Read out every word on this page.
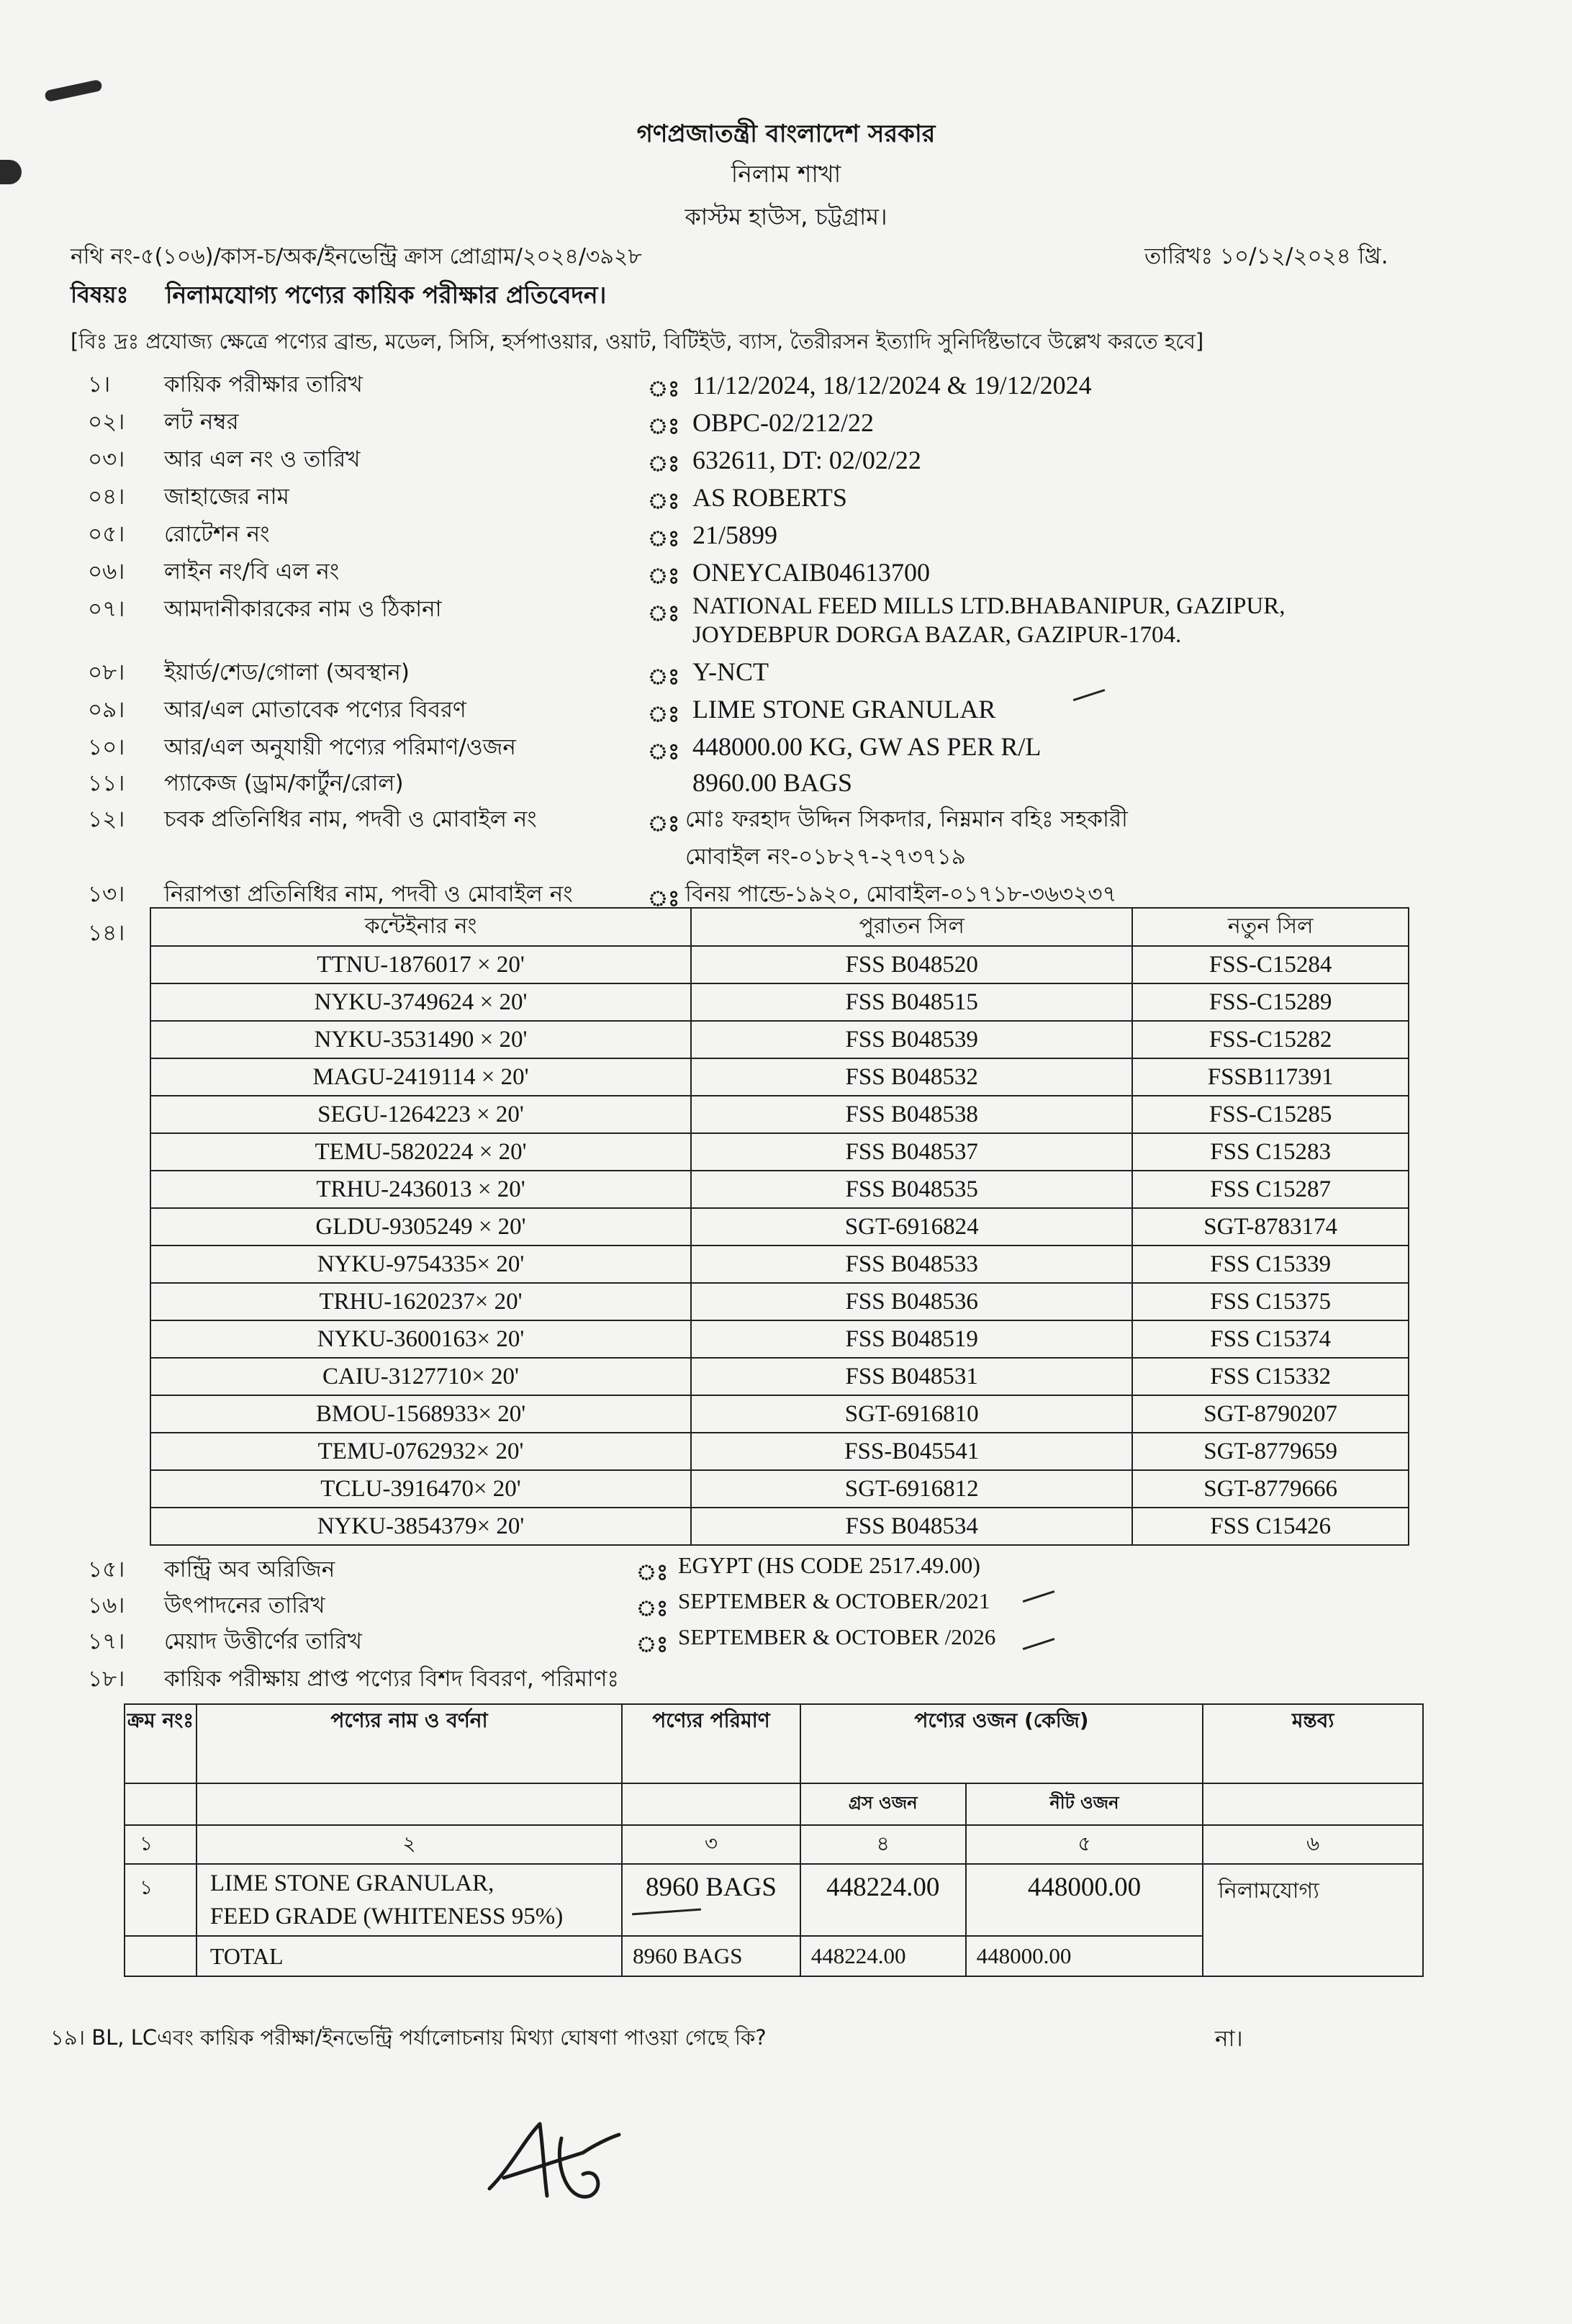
গণপ্রজাতন্ত্রী বাংলাদেশ সরকার
নিলাম শাখা
কাস্টম হাউস, চট্টগ্রাম।
নথি নং-৫(১০৬)/কাস-চ/অক/ইনভেন্ট্রি ক্রাস প্রোগ্রাম/২০২৪/৩৯২৮	তারিখঃ ১০/১২/২০২৪ খ্রি.
বিষয়ঃ নিলামযোগ্য পণ্যের কায়িক পরীক্ষার প্রতিবেদন।
[বিঃ দ্রঃ প্রযোজ্য ক্ষেত্রে পণ্যের ব্রান্ড, মডেল, সিসি, হর্সপাওয়ার, ওয়াট, বিটিইউ, ব্যাস, তৈরীরসন ইত্যাদি সুনির্দিষ্টভাবে উল্লেখ করতে হবে]
১। কায়িক পরীক্ষার তারিখ	ঃ 11/12/2024, 18/12/2024 & 19/12/2024
০২। লট নম্বর	ঃ OBPC-02/212/22
০৩। আর এল নং ও তারিখ	ঃ 632611, DT: 02/02/22
০৪। জাহাজের নাম	ঃ AS ROBERTS
০৫। রোটেশন নং	ঃ 21/5899
০৬। লাইন নং/বি এল নং	ঃ ONEYCAIB04613700
০৭। আমদানীকারকের নাম ও ঠিকানা	ঃ NATIONAL FEED MILLS LTD.BHABANIPUR, GAZIPUR,
JOYDEBPUR DORGA BAZAR, GAZIPUR-1704.
০৮। ইয়ার্ড/শেড/গোলা (অবস্থান)	ঃ Y-NCT
০৯। আর/এল মোতাবেক পণ্যের বিবরণ	ঃ LIME STONE GRANULAR
১০। আর/এল অনুযায়ী পণ্যের পরিমাণ/ওজন	ঃ 448000.00 KG, GW AS PER R/L
১১। প্যাকেজ (ড্রাম/কার্টুন/রোল)	8960.00 BAGS
১২। চবক প্রতিনিধির নাম, পদবী ও মোবাইল নং	ঃ মোঃ ফরহাদ উদ্দিন সিকদার, নিম্নমান বহিঃ সহকারী
মোবাইল নং-০১৮২৭-২৭৩৭১৯
১৩। নিরাপত্তা প্রতিনিধির নাম, পদবী ও মোবাইল নং	ঃ বিনয় পান্ডে-১৯২০, মোবাইল-০১৭১৮-৩৬৩২৩৭
১৪।	কন্টেইনার নং	পুরাতন সিল	নতুন সিল
TTNU-1876017 × 20'	FSS B048520	FSS-C15284
NYKU-3749624 × 20'	FSS B048515	FSS-C15289
NYKU-3531490 × 20'	FSS B048539	FSS-C15282
MAGU-2419114 × 20'	FSS B048532	FSSB117391
SEGU-1264223 × 20'	FSS B048538	FSS-C15285
TEMU-5820224 × 20'	FSS B048537	FSS C15283
TRHU-2436013 × 20'	FSS B048535	FSS C15287
GLDU-9305249 × 20'	SGT-6916824	SGT-8783174
NYKU-9754335× 20'	FSS B048533	FSS C15339
TRHU-1620237× 20'	FSS B048536	FSS C15375
NYKU-3600163× 20'	FSS B048519	FSS C15374
CAIU-3127710× 20'	FSS B048531	FSS C15332
BMOU-1568933× 20'	SGT-6916810	SGT-8790207
TEMU-0762932× 20'	FSS-B045541	SGT-8779659
TCLU-3916470× 20'	SGT-6916812	SGT-8779666
NYKU-3854379× 20'	FSS B048534	FSS C15426
১৫। কান্ট্রি অব অরিজিন	ঃ EGYPT (HS CODE 2517.49.00)
১৬। উৎপাদনের তারিখ	ঃ SEPTEMBER & OCTOBER/2021
১৭। মেয়াদ উত্তীর্ণের তারিখ	ঃ SEPTEMBER & OCTOBER /2026
১৮। কায়িক পরীক্ষায় প্রাপ্ত পণ্যের বিশদ বিবরণ, পরিমাণঃ
ক্রম নংঃ	পণ্যের নাম ও বর্ণনা	পণ্যের পরিমাণ	পণ্যের ওজন (কেজি)		মন্তব্য
			গ্রস ওজন	নীট ওজন	
১	২	৩	৪	৫	৬
১	LIME STONE GRANULAR,
FEED GRADE (WHITENESS 95%)	8960 BAGS	448224.00	448000.00	নিলামযোগ্য
	TOTAL	8960 BAGS	448224.00	448000.00	
১৯। BL, LCএবং কায়িক পরীক্ষা/ইনভেন্ট্রি পর্যালোচনায় মিথ্যা ঘোষণা পাওয়া গেছে কি?	না।
